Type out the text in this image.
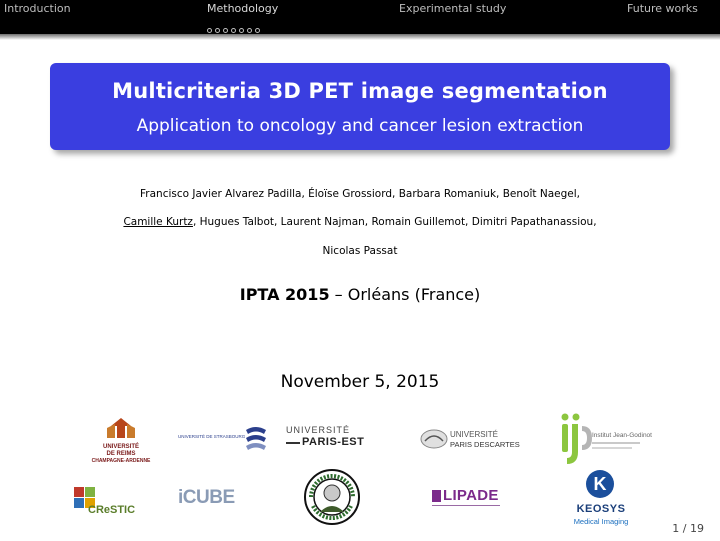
Introduction	Methodology	Experimental study	Future works
Multicriteria 3D PET image segmentation
Application to oncology and cancer lesion extraction
Francisco Javier Alvarez Padilla, Éloïse Grossiord, Barbara Romaniuk, Benoît Naegel,
Camille Kurtz, Hugues Talbot, Laurent Najman, Romain Guillemot, Dimitri Papathanassiou,
Nicolas Passat
IPTA 2015 – Orléans (France)
November 5, 2015
UNIVERSITÉ
DE REIMS
CHAMPAGNE-ARDENNE
UNIVERSITÉ DE STRASBOURG
UNIVERSITÉ
PARIS-EST
UNIVERSITÉ
PARIS DESCARTES
Institut Jean-Godinot
CReSTIC
iCUBE	LIPADE
K
KEOSYS
Medical Imaging
1 / 19
